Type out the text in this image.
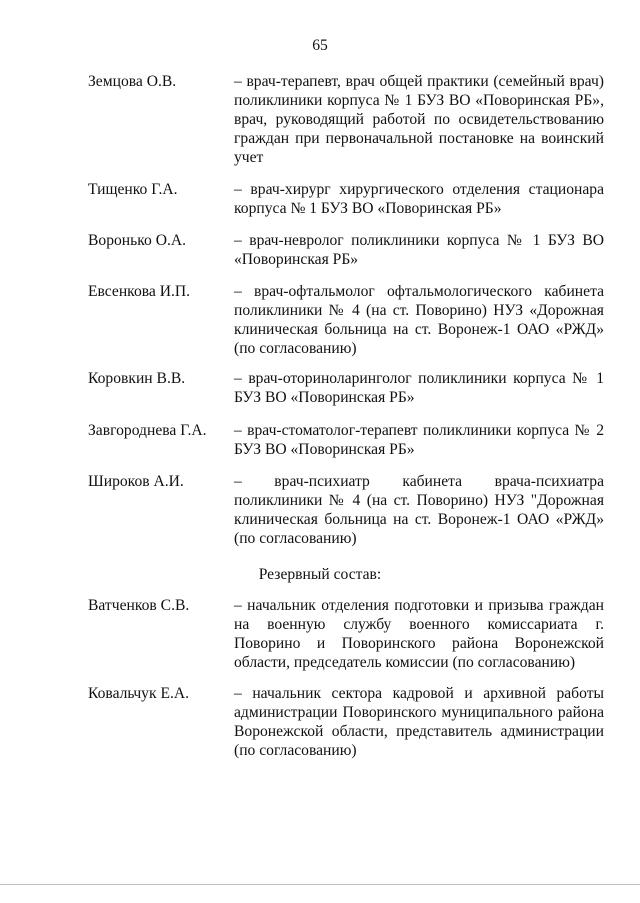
65
Земцова О.В.	– врач-терапевт, врач общей практики (семейный врач) поликлиники корпуса № 1 БУЗ ВО «Поворинская РБ», врач, руководящий работой по освидетельствованию граждан при первоначальной постановке на воинский учет
Тищенко Г.А.	– врач-хирург хирургического отделения стационара корпуса № 1 БУЗ ВО «Поворинская РБ»
Воронько О.А.	– врач-невролог поликлиники корпуса № 1 БУЗ ВО «Поворинская РБ»
Евсенкова И.П.	– врач-офтальмолог офтальмологического кабинета поликлиники № 4 (на ст. Поворино) НУЗ «Дорожная клиническая больница на ст. Воронеж-1 ОАО «РЖД» (по согласованию)
Коровкин В.В.	– врач-оториноларинголог поликлиники корпуса № 1 БУЗ ВО «Поворинская РБ»
Завгороднева Г.А. – врач-стоматолог-терапевт поликлиники корпуса № 2 БУЗ ВО «Поворинская РБ»
Широков А.И.	– врач-психиатр кабинета врача-психиатра поликлиники № 4 (на ст. Поворино) НУЗ "Дорожная клиническая больница на ст. Воронеж-1 ОАО «РЖД» (по согласованию)
Резервный состав:
Ватченков С.В.	– начальник отделения подготовки и призыва граждан на военную службу военного комиссариата г. Поворино и Поворинского района Воронежской области, председатель комиссии (по согласованию)
Ковальчук Е.А.	– начальник сектора кадровой и архивной работы администрации Поворинского муниципального района Воронежской области, представитель администрации (по согласованию)
